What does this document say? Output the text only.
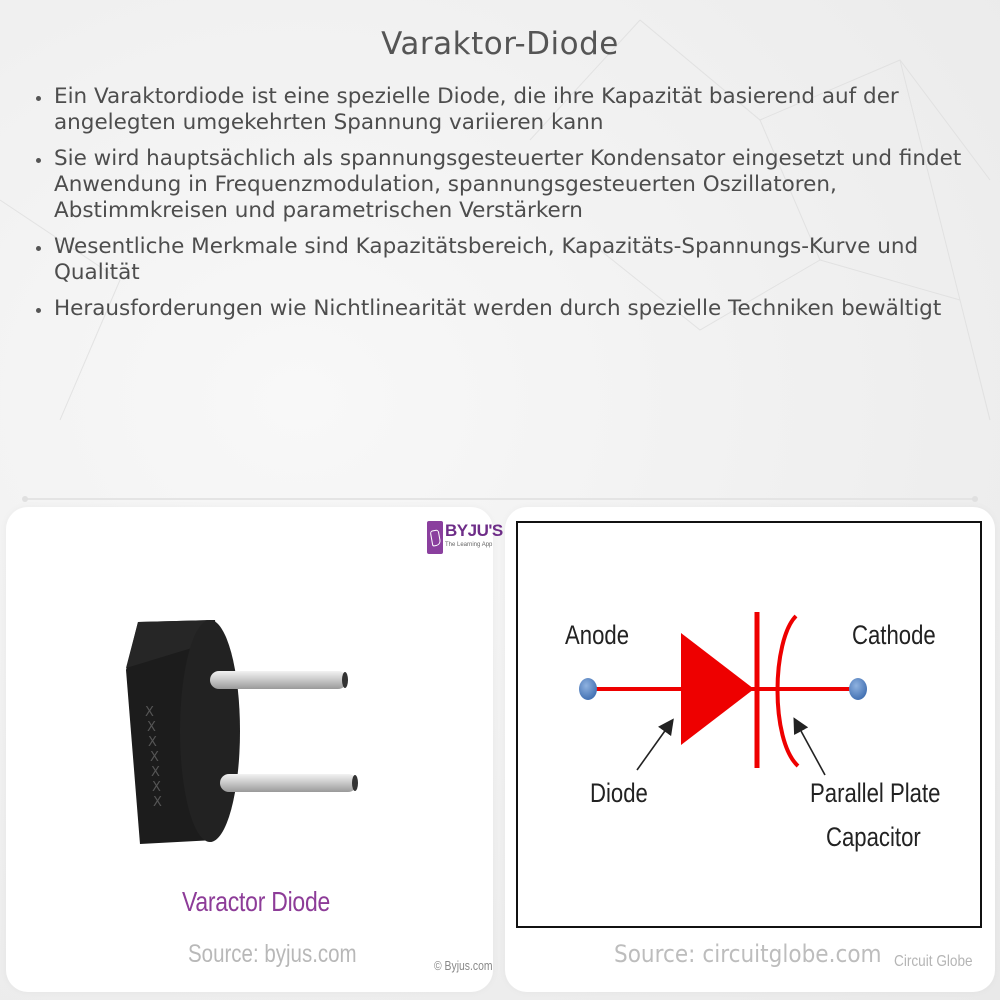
Varaktor-Diode
Ein Varaktordiode ist eine spezielle Diode, die ihre Kapazität basierend auf der angelegten umgekehrten Spannung variieren kann
Sie wird hauptsächlich als spannungsgesteuerter Kondensator eingesetzt und findet Anwendung in Frequenzmodulation, spannungsgesteuerten Oszillatoren, Abstimmkreisen und parametrischen Verstärkern
Wesentliche Merkmale sind Kapazitätsbereich, Kapazitäts-Spannungs-Kurve und Qualität
Herausforderungen wie Nichtlinearität werden durch spezielle Techniken bewältigt
BYJU'S
The Learning App
X
X
X
X
X
X
X
Varactor Diode
Source: byjus.com	© Byjus.com
Anode	Cathode
Diode	Parallel Plate
Capacitor
Source: circuitglobe.com Circuit Globe
